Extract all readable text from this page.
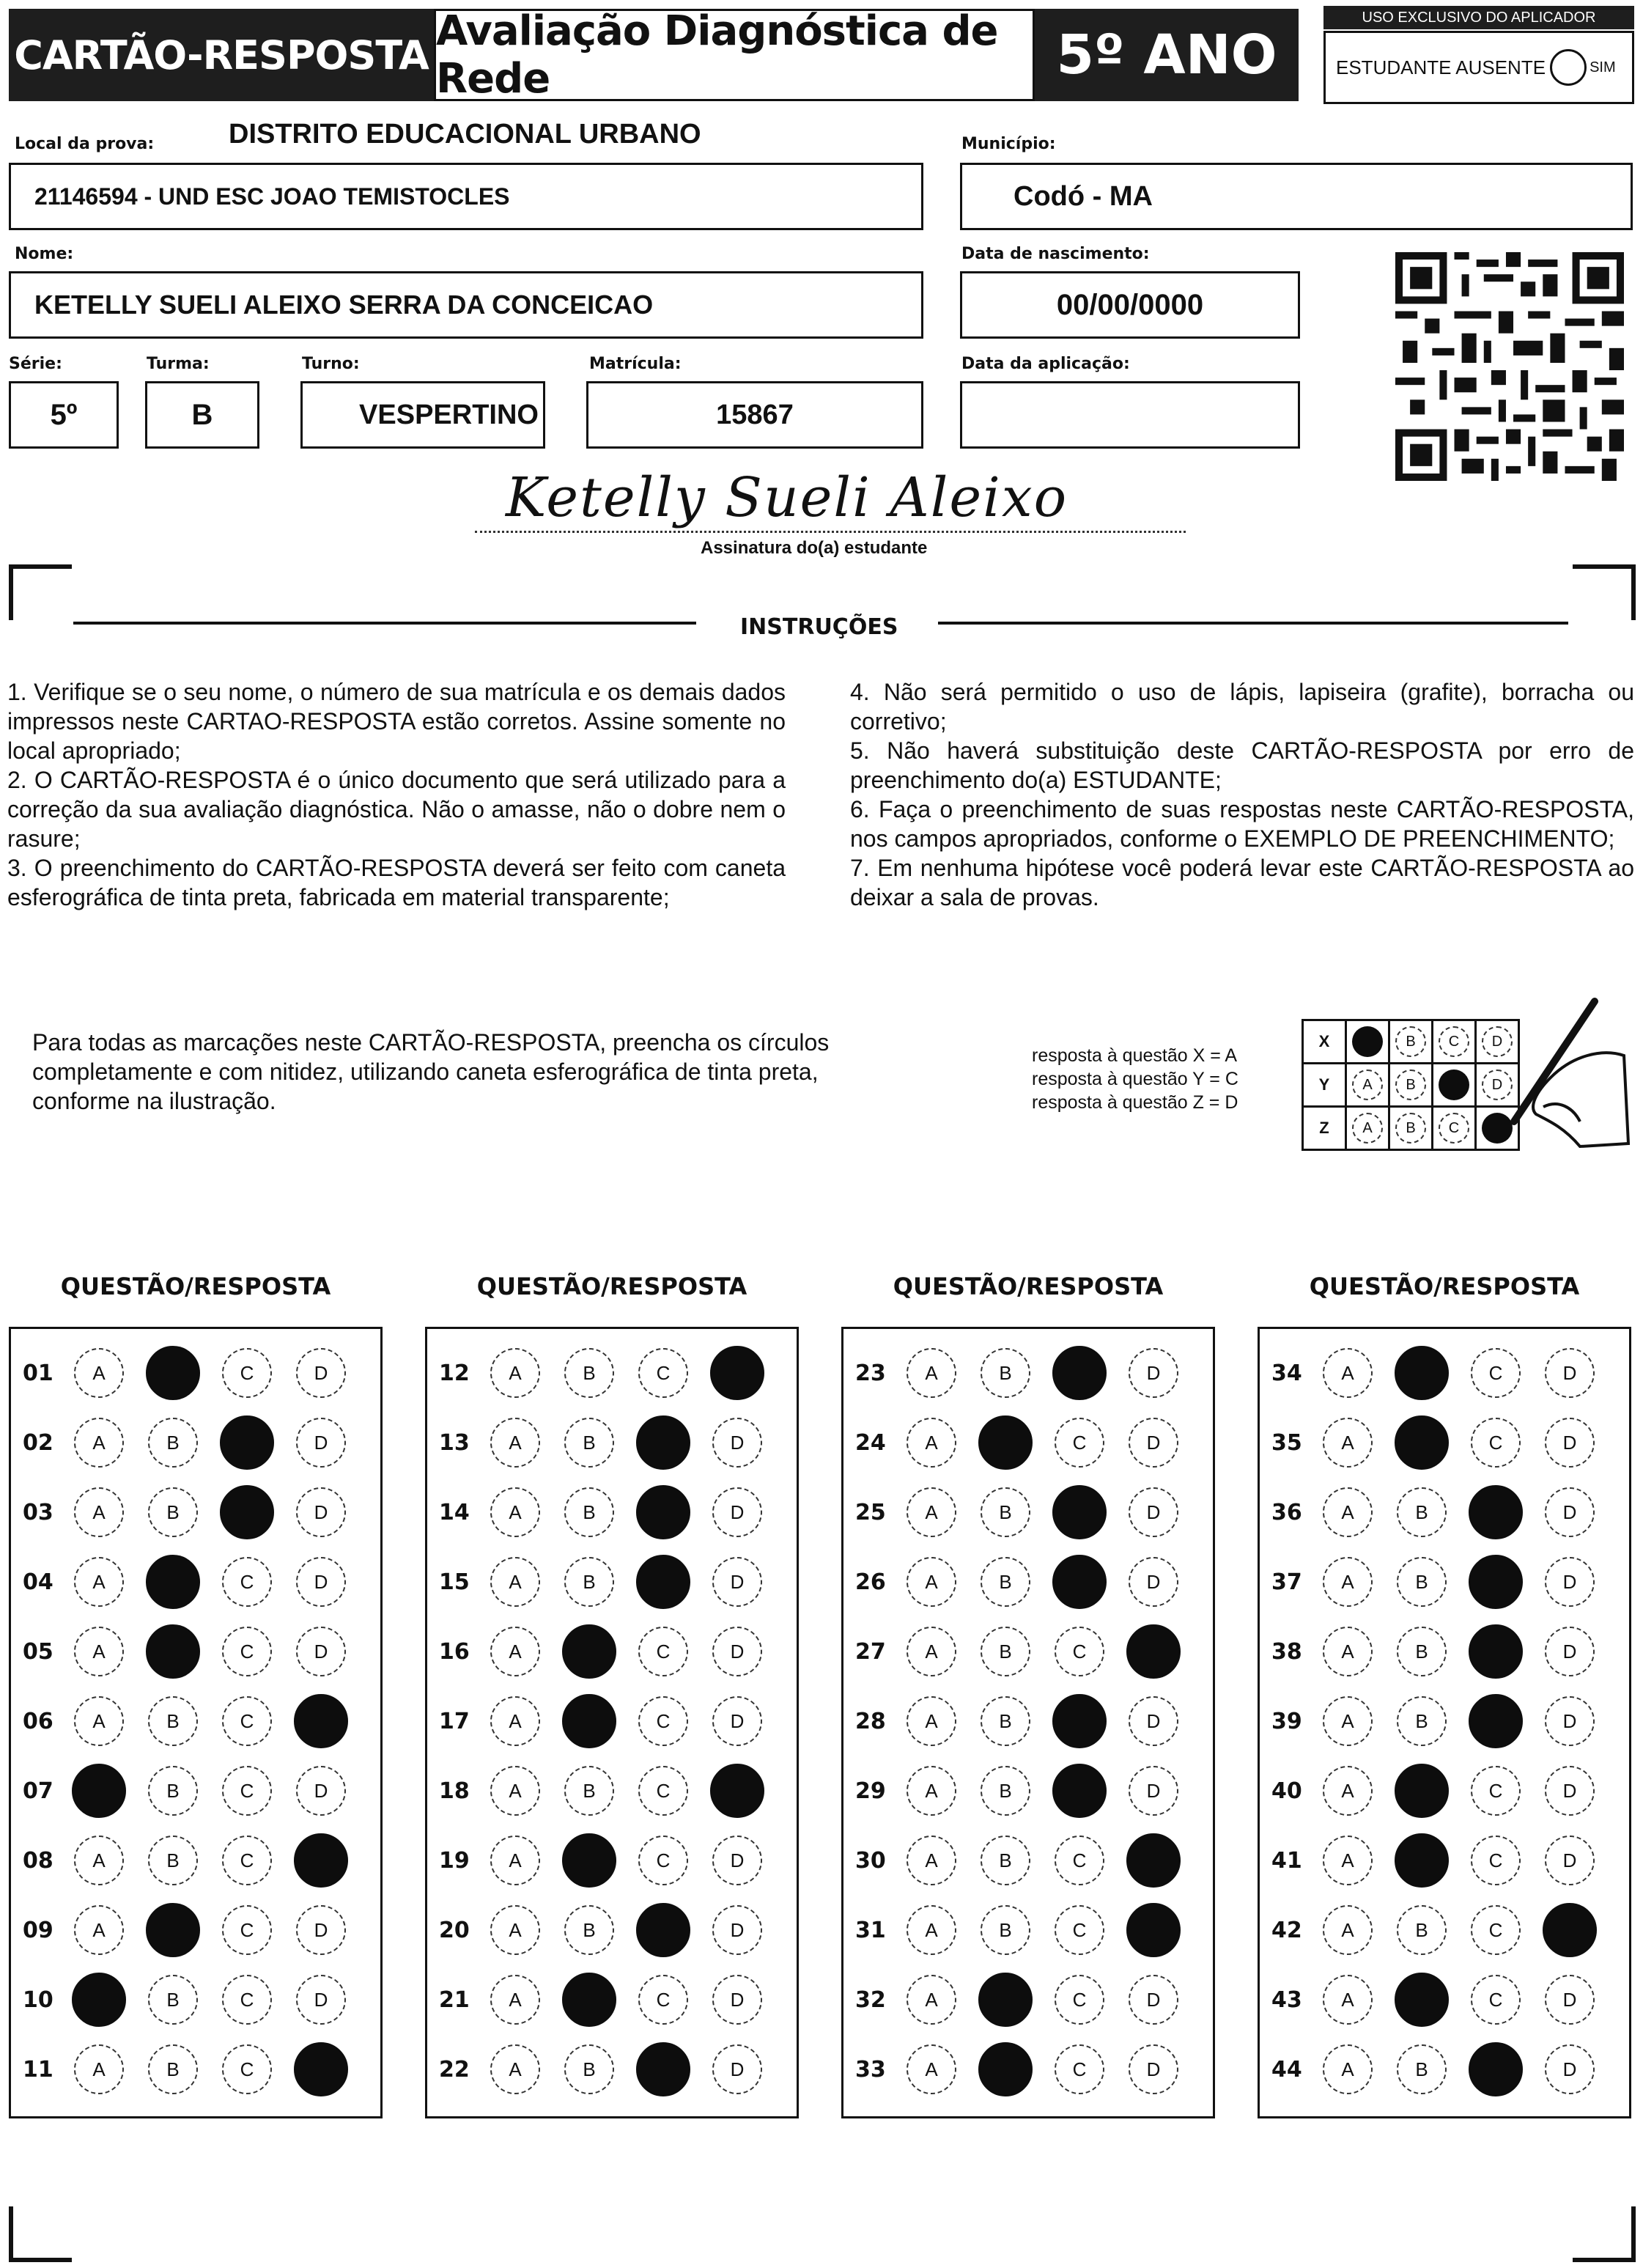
CARTÃO-RESPOSTA Avaliação Diagnóstica de Rede	5º ANO
USO EXCLUSIVO DO APLICADOR
ESTUDANTE AUSENTE	SIM
Local da prova:	DISTRITO EDUCACIONAL URBANO
21146594 - UND ESC JOAO TEMISTOCLES
Município:
Codó - MA
Nome:
KETELLY SUELI ALEIXO SERRA DA CONCEICAO
Data de nascimento:
00/00/0000
Série:
5º
Turma:
B
Turno:
VESPERTINO
Matrícula:
15867
Data da aplicação:
Ketelly Sueli Aleixo
Assinatura do(a) estudante
INSTRUÇÕES
1. Verifique se o seu nome, o número de sua matrícula e os demais dados impressos neste CARTAO-RESPOSTA estão corretos. Assine somente no local apropriado;
2. O CARTÃO-RESPOSTA é o único documento que será utilizado para a correção da sua avaliação diagnóstica. Não o amasse, não o dobre nem o rasure;
3. O preenchimento do CARTÃO-RESPOSTA deverá ser feito com caneta esferográfica de tinta preta, fabricada em material transparente;
4. Não será permitido o uso de lápis, lapiseira (grafite), borracha ou corretivo;
5. Não haverá substituição deste CARTÃO-RESPOSTA por erro de preenchimento do(a) ESTUDANTE;
6. Faça o preenchimento de suas respostas neste CARTÃO-RESPOSTA, nos campos apropriados, conforme o EXEMPLO DE PREENCHIMENTO;
7. Em nenhuma hipótese você poderá levar este CARTÃO-RESPOSTA ao deixar a sala de provas.
Para todas as marcações neste CARTÃO-RESPOSTA, preencha os círculos completamente e com nitidez, utilizando caneta esferográfica de tinta preta, conforme na ilustração.
resposta à questão X = A
resposta à questão Y = C
resposta à questão Z = D
X		B	C	D
Y	A	B		D
Z	A	B	C	
QUESTÃO/RESPOSTA
01	A	C	D
02	A	B	D
03	A	B	D
04	A	C	D
05	A	C	D
06	A	B	C
07	B	C	D
08	A	B	C
09	A	C	D
10	B	C	D
11	A	B	C
QUESTÃO/RESPOSTA
12	A	B	C
13	A	B	D
14	A	B	D
15	A	B	D
16	A	C	D
17	A	C	D
18	A	B	C
19	A	C	D
20	A	B	D
21	A	C	D
22	A	B	D
QUESTÃO/RESPOSTA
23	A	B	D
24	A	C	D
25	A	B	D
26	A	B	D
27	A	B	C
28	A	B	D
29	A	B	D
30	A	B	C
31	A	B	C
32	A	C	D
33	A	C	D
QUESTÃO/RESPOSTA
34	A	C	D
35	A	C	D
36	A	B	D
37	A	B	D
38	A	B	D
39	A	B	D
40	A	C	D
41	A	C	D
42	A	B	C
43	A	C	D
44	A	B	D
